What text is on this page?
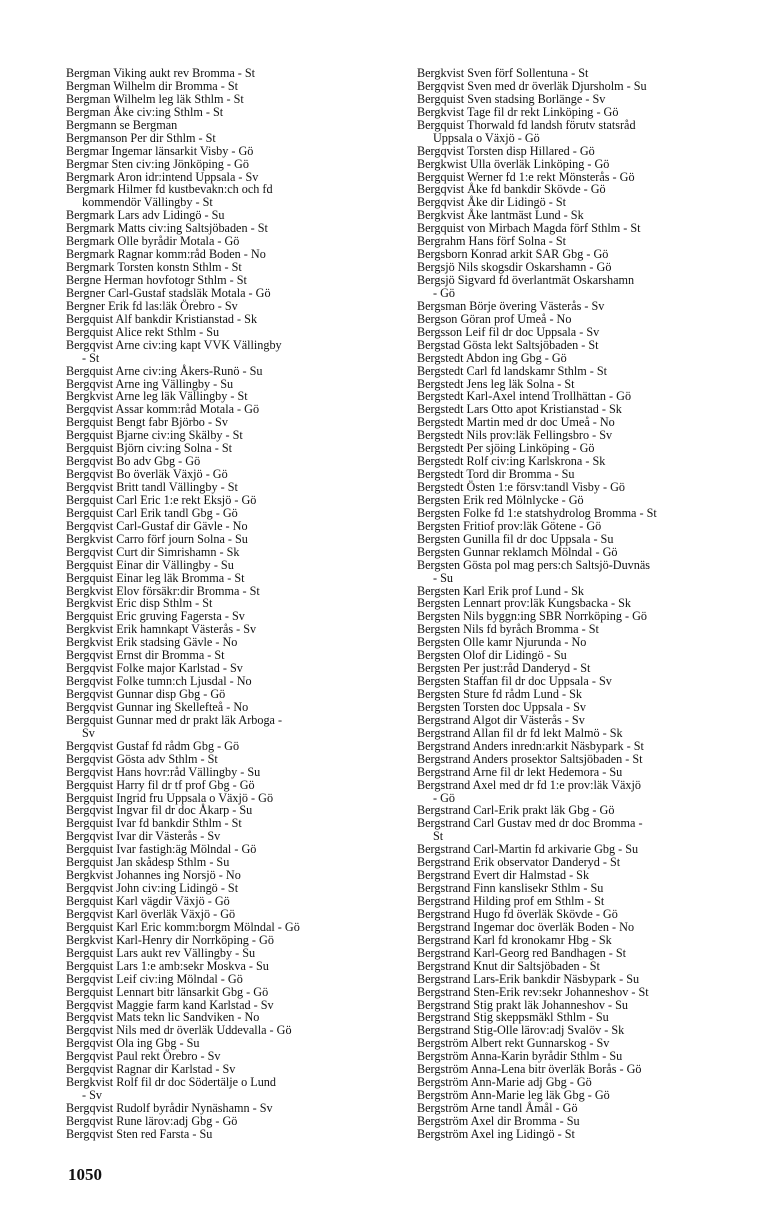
Bergman Viking aukt rev Bromma - St
Bergman Wilhelm dir Bromma - St
Bergman Wilhelm leg läk Sthlm - St
Bergman Åke civ:ing Sthlm - St
Bergmann se Bergman
Bergmanson Per dir Sthlm - St
Bergmar Ingemar länsarkit Visby - Gö
Bergmar Sten civ:ing Jönköping - Gö
Bergmark Aron idr:intend Uppsala - Sv
Bergmark Hilmer fd kustbevakn:ch och fd
kommendör Vällingby - St
Bergmark Lars adv Lidingö - Su
Bergmark Matts civ:ing Saltsjöbaden - St
Bergmark Olle byrådir Motala - Gö
Bergmark Ragnar komm:råd Boden - No
Bergmark Torsten konstn Sthlm - St
Bergne Herman hovfotogr Sthlm - St
Bergner Carl-Gustaf stadsläk Motala - Gö
Bergner Erik fd las:läk Örebro - Sv
Bergquist Alf bankdir Kristianstad - Sk
Bergquist Alice rekt Sthlm - Su
Bergqvist Arne civ:ing kapt VVK Vällingby
- St
Bergquist Arne civ:ing Åkers-Runö - Su
Bergqvist Arne ing Vällingby - Su
Bergkvist Arne leg läk Vällingby - St
Bergqvist Assar komm:råd Motala - Gö
Bergquist Bengt fabr Björbo - Sv
Bergquist Bjarne civ:ing Skälby - St
Bergquist Björn civ:ing Solna - St
Bergqvist Bo adv Gbg - Gö
Bergqvist Bo överläk Växjö - Gö
Bergqvist Britt tandl Vällingby - St
Bergquist Carl Eric 1:e rekt Eksjö - Gö
Bergquist Carl Erik tandl Gbg - Gö
Bergqvist Carl-Gustaf dir Gävle - No
Bergkvist Carro förf journ Solna - Su
Bergqvist Curt dir Simrishamn - Sk
Bergquist Einar dir Vällingby - Su
Bergquist Einar leg läk Bromma - St
Bergkvist Elov försäkr:dir Bromma - St
Bergkvist Eric disp Sthlm - St
Bergquist Eric gruving Fagersta - Sv
Bergkvist Erik hamnkapt Västerås - Sv
Bergkvist Erik stadsing Gävle - No
Bergqvist Ernst dir Bromma - St
Bergqvist Folke major Karlstad - Sv
Bergqvist Folke tumn:ch Ljusdal - No
Bergqvist Gunnar disp Gbg - Gö
Bergqvist Gunnar ing Skellefteå - No
Bergquist Gunnar med dr prakt läk Arboga -
Sv
Bergqvist Gustaf fd rådm Gbg - Gö
Bergqvist Gösta adv Sthlm - St
Bergqvist Hans hovr:råd Vällingby - Su
Bergquist Harry fil dr tf prof Gbg - Gö
Bergquist Ingrid fru Uppsala o Växjö - Gö
Bergqvist Ingvar fil dr doc Åkarp - Su
Bergquist Ivar fd bankdir Sthlm - St
Bergqvist Ivar dir Västerås - Sv
Bergquist Ivar fastigh:äg Mölndal - Gö
Bergquist Jan skådesp Sthlm - Su
Bergkvist Johannes ing Norsjö - No
Bergqvist John civ:ing Lidingö - St
Bergquist Karl vägdir Växjö - Gö
Bergqvist Karl överläk Växjö - Gö
Bergquist Karl Eric komm:borgm Mölndal - Gö
Bergkvist Karl-Henry dir Norrköping - Gö
Bergquist Lars aukt rev Vällingby - Su
Bergquist Lars 1:e amb:sekr Moskva - Su
Bergqvist Leif civ:ing Mölndal - Gö
Bergquist Lennart bitr länsarkit Gbg - Gö
Bergqvist Maggie farm kand Karlstad - Sv
Bergqvist Mats tekn lic Sandviken - No
Bergqvist Nils med dr överläk Uddevalla - Gö
Bergqvist Ola ing Gbg - Su
Bergqvist Paul rekt Örebro - Sv
Bergqvist Ragnar dir Karlstad - Sv
Bergkvist Rolf fil dr doc Södertälje o Lund
- Sv
Bergqvist Rudolf byrådir Nynäshamn - Sv
Bergqvist Rune lärov:adj Gbg - Gö
Bergqvist Sten red Farsta - Su
Bergkvist Sven förf Sollentuna - St
Bergqvist Sven med dr överläk Djursholm - Su
Bergquist Sven stadsing Borlänge - Sv
Bergkvist Tage fil dr rekt Linköping - Gö
Bergquist Thorwald fd landsh förutv statsråd
Uppsala o Växjö - Gö
Bergqvist Torsten disp Hillared - Gö
Bergkwist Ulla överläk Linköping - Gö
Bergquist Werner fd 1:e rekt Mönsterås - Gö
Bergqvist Åke fd bankdir Skövde - Gö
Bergqvist Åke dir Lidingö - St
Bergkvist Åke lantmäst Lund - Sk
Bergquist von Mirbach Magda förf Sthlm - St
Bergrahm Hans förf Solna - St
Bergsborn Konrad arkit SAR Gbg - Gö
Bergsjö Nils skogsdir Oskarshamn - Gö
Bergsjö Sigvard fd överlantmät Oskarshamn
- Gö
Bergsman Börje övering Västerås - Sv
Bergson Göran prof Umeå - No
Bergsson Leif fil dr doc Uppsala - Sv
Bergstad Gösta lekt Saltsjöbaden - St
Bergstedt Abdon ing Gbg - Gö
Bergstedt Carl fd landskamr Sthlm - St
Bergstedt Jens leg läk Solna - St
Bergstedt Karl-Axel intend Trollhättan - Gö
Bergstedt Lars Otto apot Kristianstad - Sk
Bergstedt Martin med dr doc Umeå - No
Bergstedt Nils prov:läk Fellingsbro - Sv
Bergstedt Per sjöing Linköping - Gö
Bergstedt Rolf civ:ing Karlskrona - Sk
Bergstedt Tord dir Bromma - Su
Bergstedt Östen 1:e försv:tandl Visby - Gö
Bergsten Erik red Mölnlycke - Gö
Bergsten Folke fd 1:e statshydrolog Bromma - St
Bergsten Fritiof prov:läk Götene - Gö
Bergsten Gunilla fil dr doc Uppsala - Su
Bergsten Gunnar reklamch Mölndal - Gö
Bergsten Gösta pol mag pers:ch Saltsjö-Duvnäs
- Su
Bergsten Karl Erik prof Lund - Sk
Bergsten Lennart prov:läk Kungsbacka - Sk
Bergsten Nils byggn:ing SBR Norrköping - Gö
Bergsten Nils fd byråch Bromma - St
Bergsten Olle kamr Njurunda - No
Bergsten Olof dir Lidingö - Su
Bergsten Per just:råd Danderyd - St
Bergsten Staffan fil dr doc Uppsala - Sv
Bergsten Sture fd rådm Lund - Sk
Bergsten Torsten doc Uppsala - Sv
Bergstrand Algot dir Västerås - Sv
Bergstrand Allan fil dr fd lekt Malmö - Sk
Bergstrand Anders inredn:arkit Näsbypark - St
Bergstrand Anders prosektor Saltsjöbaden - St
Bergstrand Arne fil dr lekt Hedemora - Su
Bergstrand Axel med dr fd 1:e prov:läk Växjö
- Gö
Bergstrand Carl-Erik prakt läk Gbg - Gö
Bergstrand Carl Gustav med dr doc Bromma -
St
Bergstrand Carl-Martin fd arkivarie Gbg - Su
Bergstrand Erik observator Danderyd - St
Bergstrand Evert dir Halmstad - Sk
Bergstrand Finn kanslisekr Sthlm - Su
Bergstrand Hilding prof em Sthlm - St
Bergstrand Hugo fd överläk Skövde - Gö
Bergstrand Ingemar doc överläk Boden - No
Bergstrand Karl fd kronokamr Hbg - Sk
Bergstrand Karl-Georg red Bandhagen - St
Bergstrand Knut dir Saltsjöbaden - St
Bergstrand Lars-Erik bankdir Näsbypark - Su
Bergstrand Sten-Erik rev:sekr Johanneshov - St
Bergstrand Stig prakt läk Johanneshov - Su
Bergstrand Stig skeppsmäkl Sthlm - Su
Bergstrand Stig-Olle lärov:adj Svalöv - Sk
Bergström Albert rekt Gunnarskog - Sv
Bergström Anna-Karin byrådir Sthlm - Su
Bergström Anna-Lena bitr överläk Borås - Gö
Bergström Ann-Marie adj Gbg - Gö
Bergström Ann-Marie leg läk Gbg - Gö
Bergström Arne tandl Åmål - Gö
Bergström Axel dir Bromma - Su
Bergström Axel ing Lidingö - St
1050
